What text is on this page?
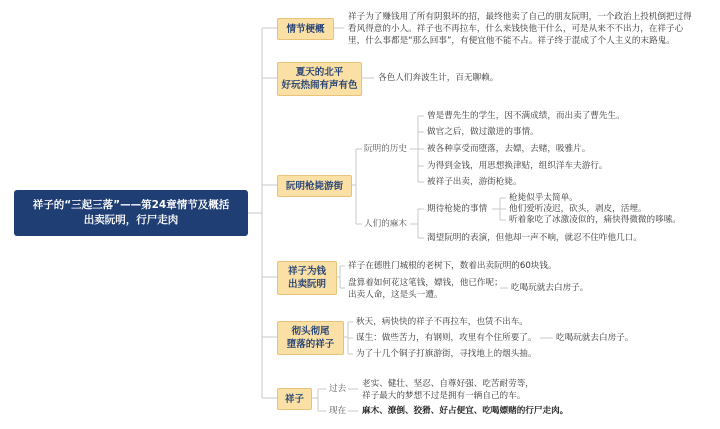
祥子的“三起三落”——第24章情节及概括
出卖阮明，行尸走肉
情节梗概
祥子为了赚钱用了所有阴狠坏的招，最终他卖了自己的朋友阮明，一个政治上投机倒把过得
看风得意的小人。祥子也不再拉车，什么来钱快他干什么，可是从来不不出力，在祥子心
里，什么事都是“那么回事”，有便宜他不能不占。祥子终于混成了个人主义的末路鬼。
夏天的北平
好玩热闹有声有色
各色人们奔波生计，百无聊赖。
阮明枪毙游街
阮明的历史
曾是曹先生的学生，因不满成绩，而出卖了曹先生。
做官之后，做过激进的事情。
被各种享受而堕落，去嫖，去赌，吸雅片。
为得到金钱，用思想换津贴，组织洋车夫游行。
被祥子出卖，游街枪毙。
人们的麻木
期待枪毙的事情
枪毙似乎太简单。
他们爱听凌迟，砍头，剥皮，活埋。
听着象吃了冰激凌似的，痛快得微微的哆嗦。
渴望阮明的表演，但他却一声不响，就忍不住咋他几口。
祥子为钱
出卖阮明
祥子在德胜门城根的老树下，数着出卖阮明的60块钱。
盘算着如何花这笔钱，嫖钱，他已作呢；
出卖人命，这是头一遭。
吃喝玩就去白房子。
彻头彻尾
堕落的祥子
秋天，病快快的祥子不再拉车，也赁不出车。
谋生：做些苦力，有钢则，攻里有个住所要了。 吃喝玩就去白房子。
为了十几个铜子打旗游街，寻找地上的烟头抽。
祥子
过去 老实、健壮、坚忍、自尊好强、吃苦耐劳等，
祥子最大的梦想不过是拥有一辆自己的车。
现在 麻木、潦倒、狡猾、好占便宜、吃喝嫖赌的行尸走肉。
